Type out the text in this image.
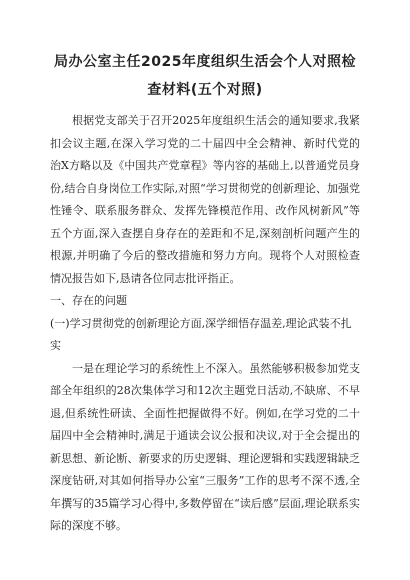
局办公室主任2025年度组织生活会个人对照检查材料(五个对照)

根据党支部关于召开2025年度组织生活会的通知要求,我紧扣会议主题,在深入学习党的二十届四中全会精神、新时代党的治X方略以及《中国共产党章程》等内容的基础上,以普通党员身份,结合自身岗位工作实际,对照“学习贯彻党的创新理论、加强党性锤令、联系服务群众、发挥先锋模范作用、改作风树新风”等五个方面,深入查摆自身存在的差距和不足,深刻剖析问题产生的根源,并明确了今后的整改措施和努力方向。现将个人对照检查情况报告如下,恳请各位同志批评指正。

一、存在的问题

(一)学习贯彻党的创新理论方面,深学细悟存温差,理论武装不扎实

一是在理论学习的系统性上不深入。虽然能够积极参加党支部全年组织的28次集体学习和12次主题党日活动,不缺席、不早退,但系统性研读、全面性把握做得不好。例如,在学习党的二十届四中全会精神时,满足于通读会议公报和决议,对于全会提出的新思想、新论断、新要求的历史逻辑、理论逻辑和实践逻辑缺乏深度钻研,对其如何指导办公室“三服务”工作的思考不深不透,全年撰写的35篇学习心得中,多数停留在“读后感”层面,理论联系实际的深度不够。
